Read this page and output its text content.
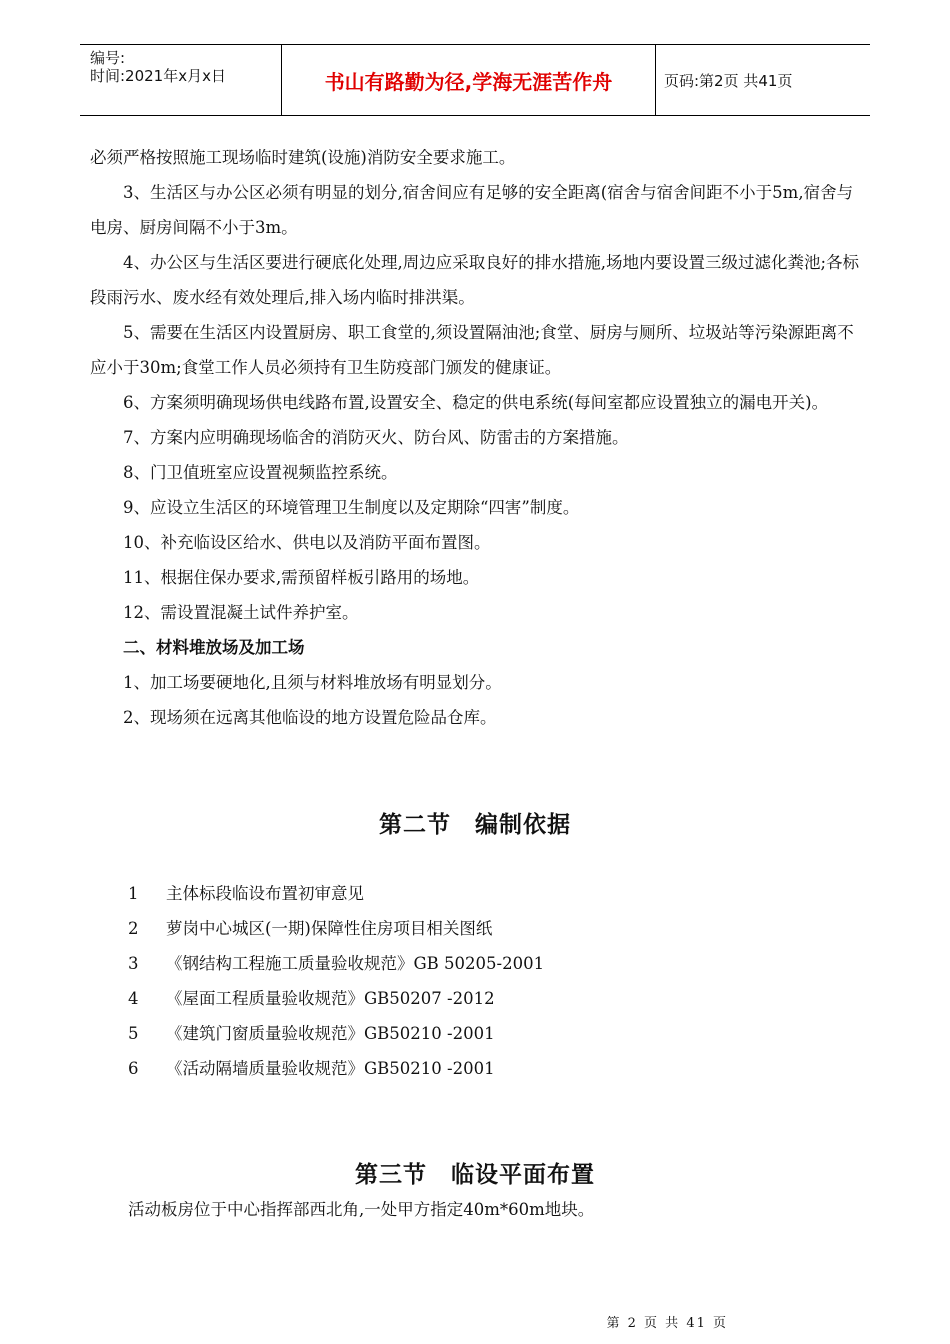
编号:
时间:2021年x月x日	书山有路勤为径,学海无涯苦作舟	页码:第2页 共41页

必须严格按照施工现场临时建筑(设施)消防安全要求施工。

3、生活区与办公区必须有明显的划分,宿舍间应有足够的安全距离(宿舍与宿舍间距不小于5m,宿舍与电房、厨房间隔不小于3m。

4、办公区与生活区要进行硬底化处理,周边应采取良好的排水措施,场地内要设置三级过滤化粪池;各标段雨污水、废水经有效处理后,排入场内临时排洪渠。

5、需要在生活区内设置厨房、职工食堂的,须设置隔油池;食堂、厨房与厕所、垃圾站等污染源距离不应小于30m;食堂工作人员必须持有卫生防疫部门颁发的健康证。

6、方案须明确现场供电线路布置,设置安全、稳定的供电系统(每间室都应设置独立的漏电开关)。

7、方案内应明确现场临舍的消防灭火、防台风、防雷击的方案措施。

8、门卫值班室应设置视频监控系统。

9、应设立生活区的环境管理卫生制度以及定期除“四害”制度。

10、补充临设区给水、供电以及消防平面布置图。

11、根据住保办要求,需预留样板引路用的场地。

12、需设置混凝土试件养护室。

二、材料堆放场及加工场

1、加工场要硬地化,且须与材料堆放场有明显划分。

2、现场须在远离其他临设的地方设置危险品仓库。

第二节 编制依据
1	主体标段临设布置初审意见
2	萝岗中心城区(一期)保障性住房项目相关图纸
3	《钢结构工程施工质量验收规范》GB 50205-2001
4	《屋面工程质量验收规范》GB50207 -2012
5	《建筑门窗质量验收规范》GB50210 -2001
6	《活动隔墙质量验收规范》GB50210 -2001
第三节 临设平面布置
活动板房位于中心指挥部西北角,一处甲方指定40m*60m地块。
第 2 页 共 41 页
